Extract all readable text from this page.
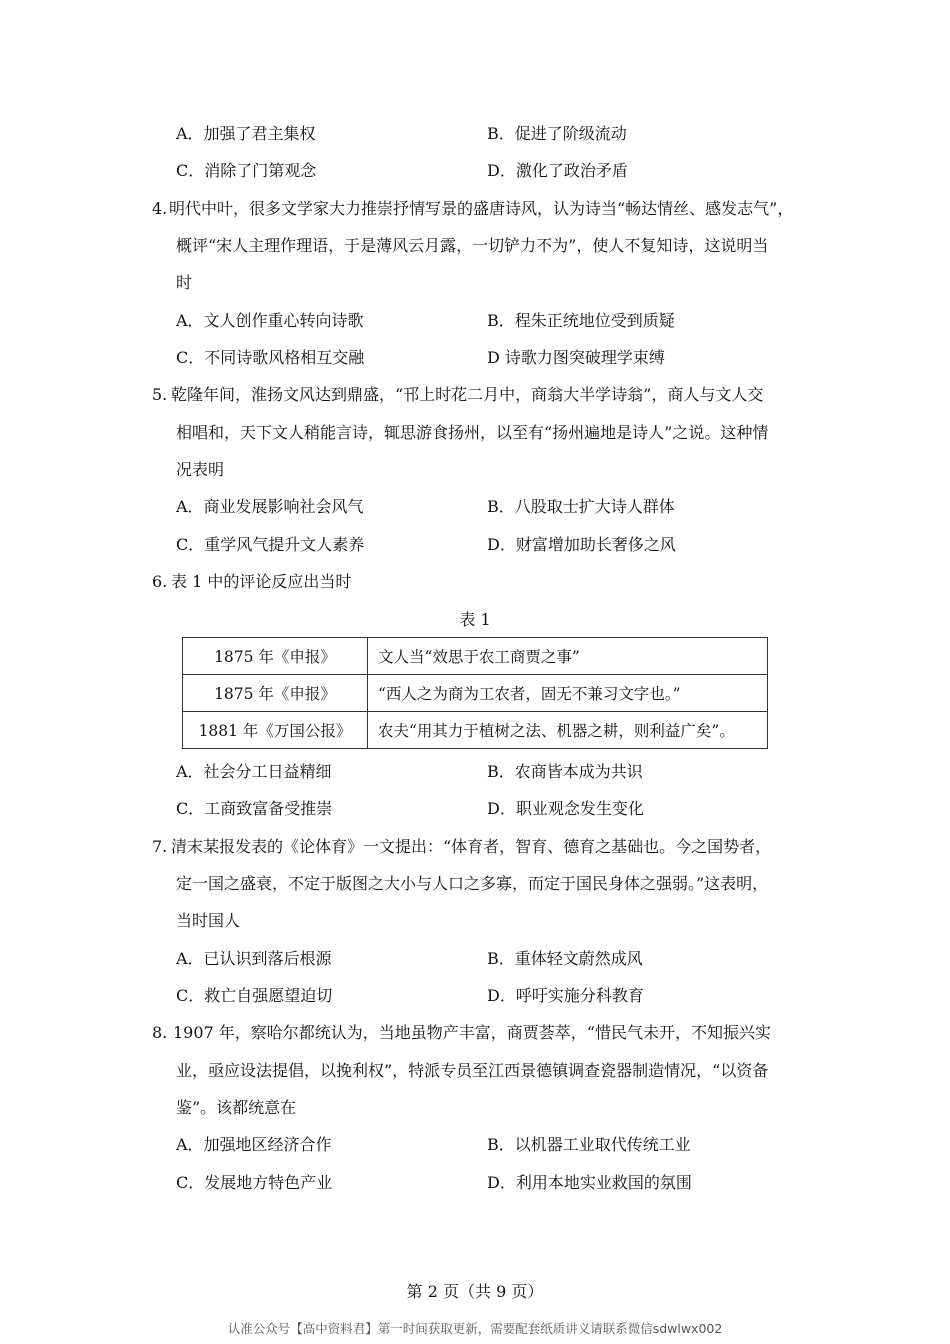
A．加强了君主集权	B．促进了阶级流动
C．消除了门第观念	D．激化了政治矛盾
4. 明代中叶，很多文学家大力推崇抒情写景的盛唐诗风，认为诗当“畅达情丝、感发志气”，
概评“宋人主理作理语，于是薄风云月露，一切铲力不为”，使人不复知诗，这说明当
时
A．文人创作重心转向诗歌	B．程朱正统地位受到质疑
C．不同诗歌风格相互交融	D 诗歌力图突破理学束缚
5. 乾隆年间，淮扬文风达到鼎盛，“邗上时花二月中，商翁大半学诗翁”，商人与文人交
相唱和，天下文人稍能言诗，辄思游食扬州，以至有“扬州遍地是诗人”之说。这种情
况表明
A．商业发展影响社会风气	B．八股取士扩大诗人群体
C．重学风气提升文人素养	D．财富增加助长奢侈之风
6. 表 1 中的评论反应出当时
表 1
1875 年《申报》	文人当“效思于农工商贾之事”
1875 年《申报》	“西人之为商为工农者，固无不兼习文字也。”
1881 年《万国公报》	农夫“用其力于植树之法、机器之耕，则利益广矣”。
A．社会分工日益精细	B．农商皆本成为共识
C．工商致富备受推崇	D．职业观念发生变化
7. 清末某报发表的《论体育》一文提出：“体育者，智育、德育之基础也。今之国势者，
定一国之盛衰，不定于版图之大小与人口之多寡，而定于国民身体之强弱。”这表明，
当时国人
A．已认识到落后根源	B．重体轻文蔚然成风
C．救亡自强愿望迫切	D．呼吁实施分科教育
8. 1907 年，察哈尔都统认为，当地虽物产丰富，商贾荟萃，“惜民气未开，不知振兴实
业，亟应设法提倡，以挽利权”，特派专员至江西景德镇调查瓷器制造情况，“以资备
鉴”。该都统意在
A．加强地区经济合作	B．以机器工业取代传统工业
C．发展地方特色产业	D．利用本地实业救国的氛围
第 2 页（共 9 页）
认准公众号【高中资料君】第一时间获取更新，需要配套纸质讲义请联系微信sdwlwx002
